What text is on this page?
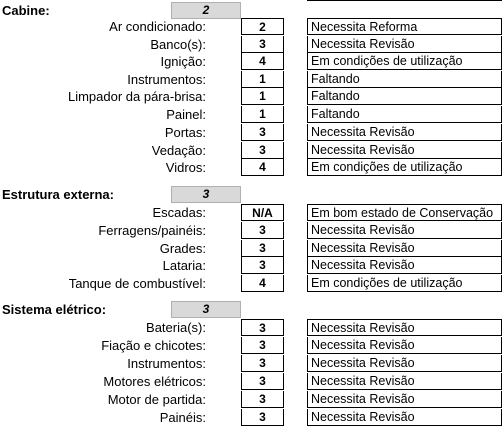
Cabine:	2
Ar condicionado:	2	Necessita Reforma
Banco(s):	3	Necessita Revisão
Ignição:	4	Em condições de utilização
Instrumentos:	1	Faltando
Limpador da pára-brisa:	1	Faltando
Painel:	1	Faltando
Portas:	3	Necessita Revisão
Vedação:	3	Necessita Revisão
Vidros:	4	Em condições de utilização
Estrutura externa:	3
Escadas:	N/A	Em bom estado de Conservação
Ferragens/painéis:	3	Necessita Revisão
Grades:	3	Necessita Revisão
Lataria:	3	Necessita Revisão
Tanque de combustível:	4	Em condições de utilização
Sistema elétrico:	3
Bateria(s):	3	Necessita Revisão
Fiação e chicotes:	3	Necessita Revisão
Instrumentos:	3	Necessita Revisão
Motores elétricos:	3	Necessita Revisão
Motor de partida:	3	Necessita Revisão
Painéis:	3	Necessita Revisão
